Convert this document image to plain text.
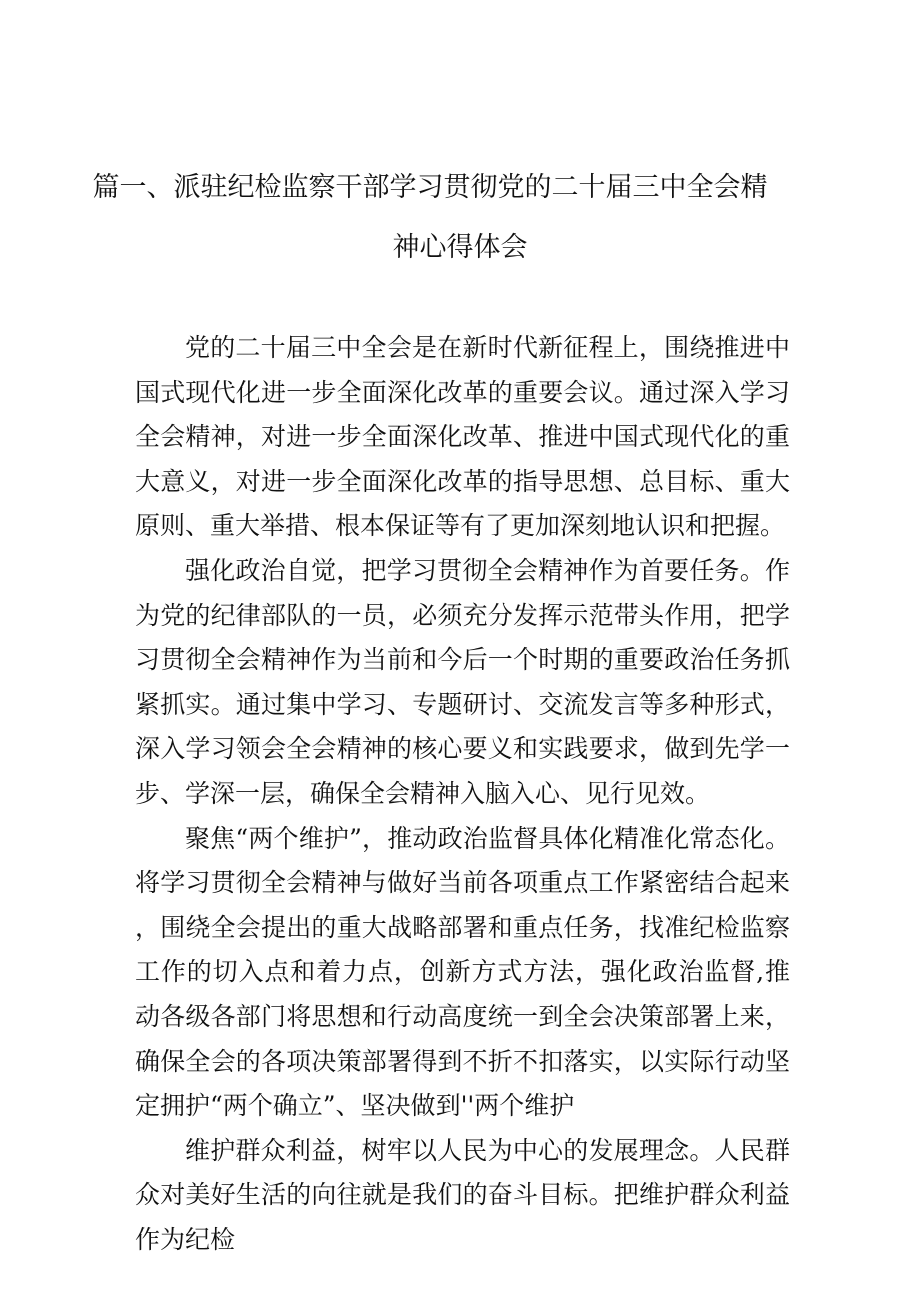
篇一、派驻纪检监察干部学习贯彻党的二十届三中全会精
神心得体会

党的二十届三中全会是在新时代新征程上，围绕推进中国式现代化进一步全面深化改革的重要会议。通过深入学习全会精神，对进一步全面深化改革、推进中国式现代化的重大意义，对进一步全面深化改革的指导思想、总目标、重大原则、重大举措、根本保证等有了更加深刻地认识和把握。

强化政治自觉，把学习贯彻全会精神作为首要任务。作为党的纪律部队的一员，必须充分发挥示范带头作用，把学习贯彻全会精神作为当前和今后一个时期的重要政治任务抓紧抓实。通过集中学习、专题研讨、交流发言等多种形式，深入学习领会全会精神的核心要义和实践要求，做到先学一步、学深一层，确保全会精神入脑入心、见行见效。

聚焦“两个维护”，推动政治监督具体化精准化常态化。将学习贯彻全会精神与做好当前各项重点工作紧密结合起来，围绕全会提出的重大战略部署和重点任务，找准纪检监察工作的切入点和着力点，创新方式方法，强化政治监督,推动各级各部门将思想和行动高度统一到全会决策部署上来，确保全会的各项决策部署得到不折不扣落实，以实际行动坚定拥护“两个确立”、坚决做到''两个维护

维护群众利益，树牢以人民为中心的发展理念。人民群众对美好生活的向往就是我们的奋斗目标。把维护群众利益作为纪检
